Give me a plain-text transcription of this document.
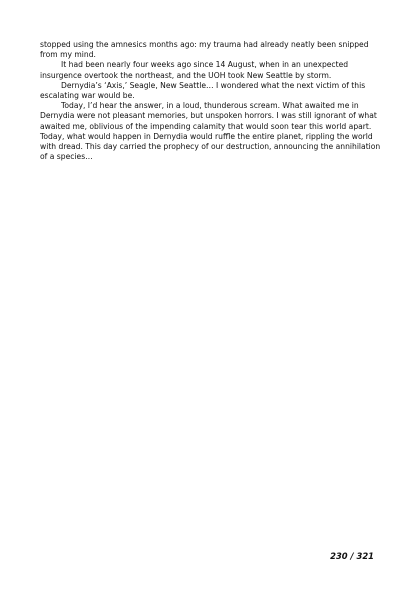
stopped using the amnesics months ago: my trauma had already neatly been snipped from my mind.

It had been nearly four weeks ago since 14 August, when in an unexpected insurgence overtook the northeast, and the UOH took New Seattle by storm.

Dernydia’s ‘Axis,’ Seagle, New Seattle… I wondered what the next victim of this escalating war would be.

Today, I’d hear the answer, in a loud, thunderous scream. What awaited me in Dernydia were not pleasant memories, but unspoken horrors. I was still ignorant of what awaited me, oblivious of the impending calamity that would soon tear this world apart. Today, what would happen in Dernydia would ruffle the entire planet, rippling the world with dread. This day carried the prophecy of our destruction, announcing the annihilation of a species…

230 / 321
